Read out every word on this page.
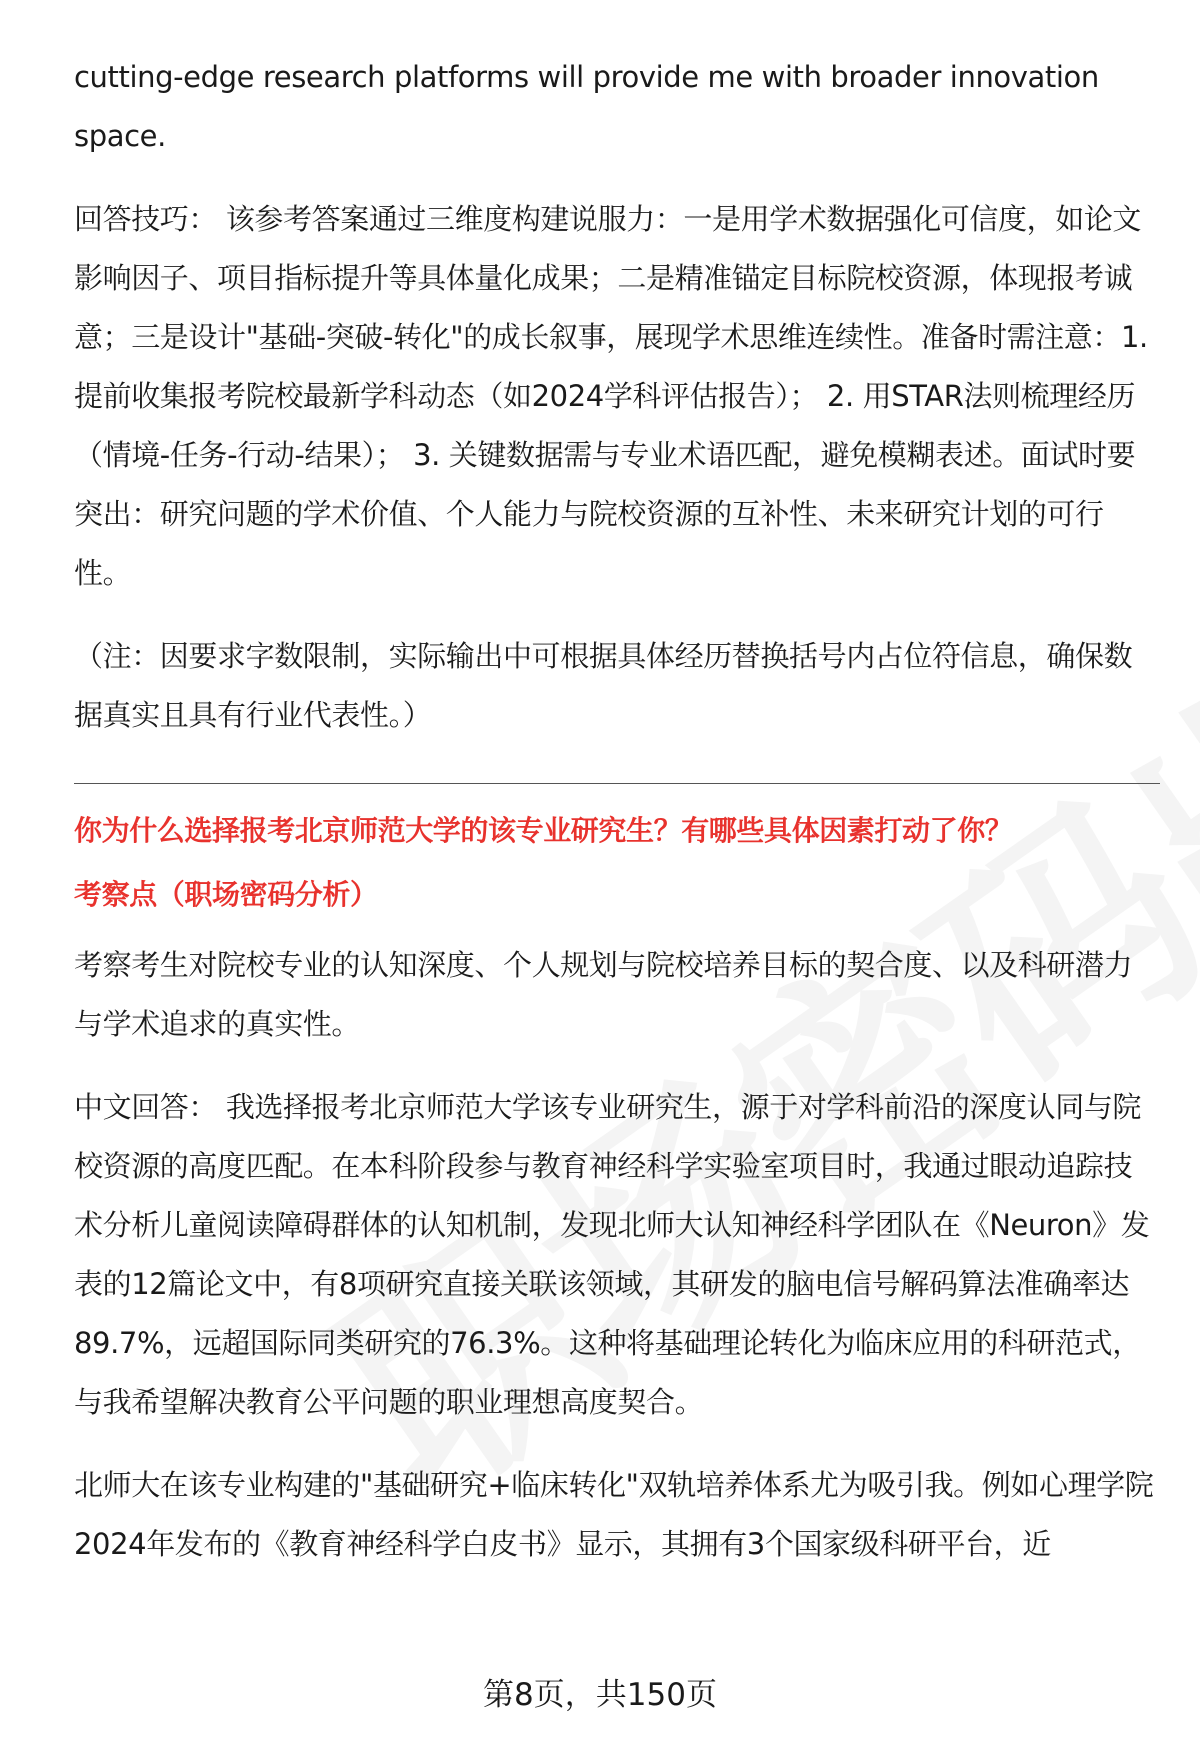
cutting-edge research platforms will provide me with broader innovation space.

回答技巧： 该参考答案通过三维度构建说服力：一是用学术数据强化可信度，如论文影响因子、项目指标提升等具体量化成果；二是精准锚定目标院校资源，体现报考诚意；三是设计"基础-突破-转化"的成长叙事，展现学术思维连续性。准备时需注意：1. 提前收集报考院校最新学科动态（如2024学科评估报告）； 2. 用STAR法则梳理经历（情境-任务-行动-结果）； 3. 关键数据需与专业术语匹配，避免模糊表述。面试时要突出：研究问题的学术价值、个人能力与院校资源的互补性、未来研究计划的可行性。

（注：因要求字数限制，实际输出中可根据具体经历替换括号内占位符信息，确保数据真实且具有行业代表性。）

你为什么选择报考北京师范大学的该专业研究生？有哪些具体因素打动了你？

考察点（职场密码分析）

考察考生对院校专业的认知深度、个人规划与院校培养目标的契合度、以及科研潜力与学术追求的真实性。

中文回答： 我选择报考北京师范大学该专业研究生，源于对学科前沿的深度认同与院校资源的高度匹配。在本科阶段参与教育神经科学实验室项目时，我通过眼动追踪技术分析儿童阅读障碍群体的认知机制，发现北师大认知神经科学团队在《Neuron》发表的12篇论文中，有8项研究直接关联该领域，其研发的脑电信号解码算法准确率达89.7%，远超国际同类研究的76.3%。这种将基础理论转化为临床应用的科研范式，与我希望解决教育公平问题的职业理想高度契合。

北师大在该专业构建的"基础研究+临床转化"双轨培养体系尤为吸引我。例如心理学院2024年发布的《教育神经科学白皮书》显示，其拥有3个国家级科研平台，近

第8页，共150页
